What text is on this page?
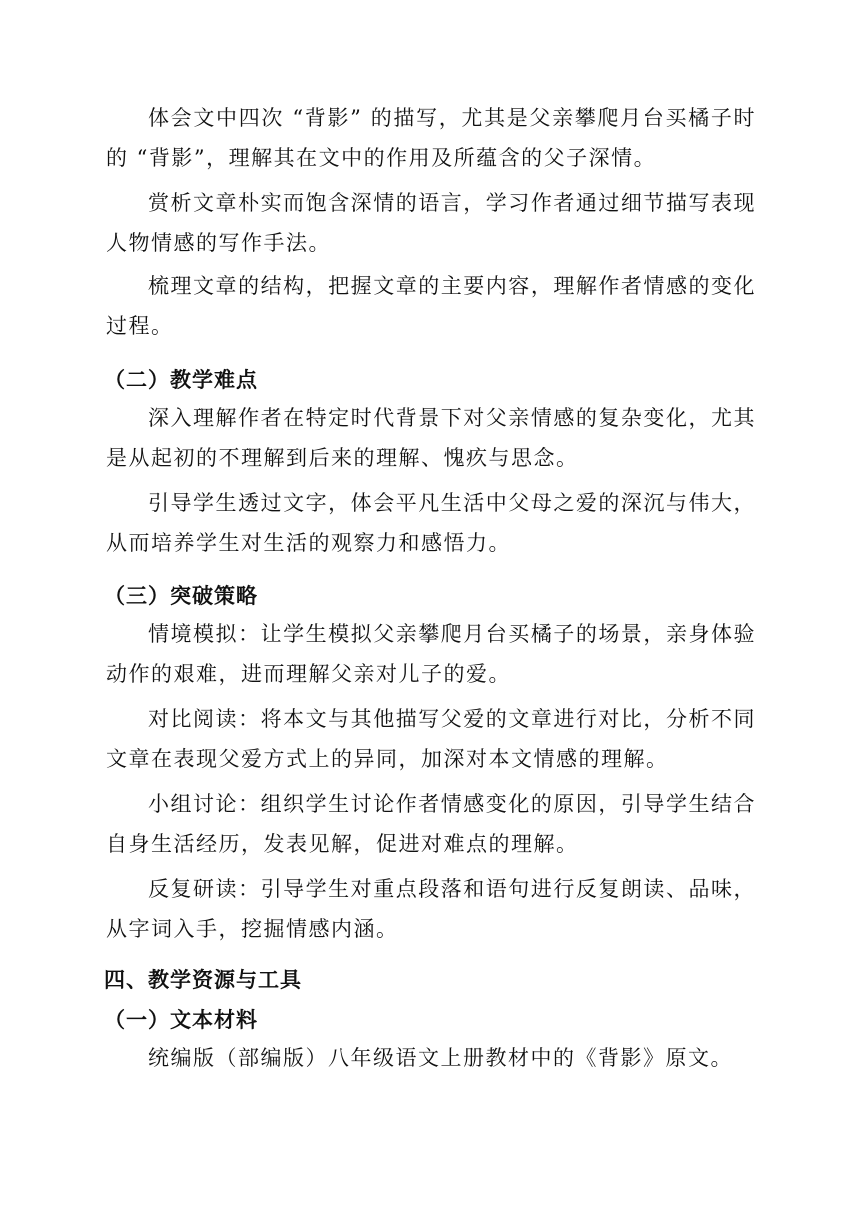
体会文中四次 “背影” 的描写，尤其是父亲攀爬月台买橘子时的 “背影”，理解其在文中的作用及所蕴含的父子深情。

赏析文章朴实而饱含深情的语言，学习作者通过细节描写表现人物情感的写作手法。

梳理文章的结构，把握文章的主要内容，理解作者情感的变化过程。

（二）教学难点

深入理解作者在特定时代背景下对父亲情感的复杂变化，尤其是从起初的不理解到后来的理解、愧疚与思念。

引导学生透过文字，体会平凡生活中父母之爱的深沉与伟大，从而培养学生对生活的观察力和感悟力。

（三）突破策略

情境模拟：让学生模拟父亲攀爬月台买橘子的场景，亲身体验动作的艰难，进而理解父亲对儿子的爱。

对比阅读：将本文与其他描写父爱的文章进行对比，分析不同文章在表现父爱方式上的异同，加深对本文情感的理解。

小组讨论：组织学生讨论作者情感变化的原因，引导学生结合自身生活经历，发表见解，促进对难点的理解。

反复研读：引导学生对重点段落和语句进行反复朗读、品味，从字词入手，挖掘情感内涵。

四、教学资源与工具
（一）文本材料

统编版（部编版）八年级语文上册教材中的《背影》原文。
